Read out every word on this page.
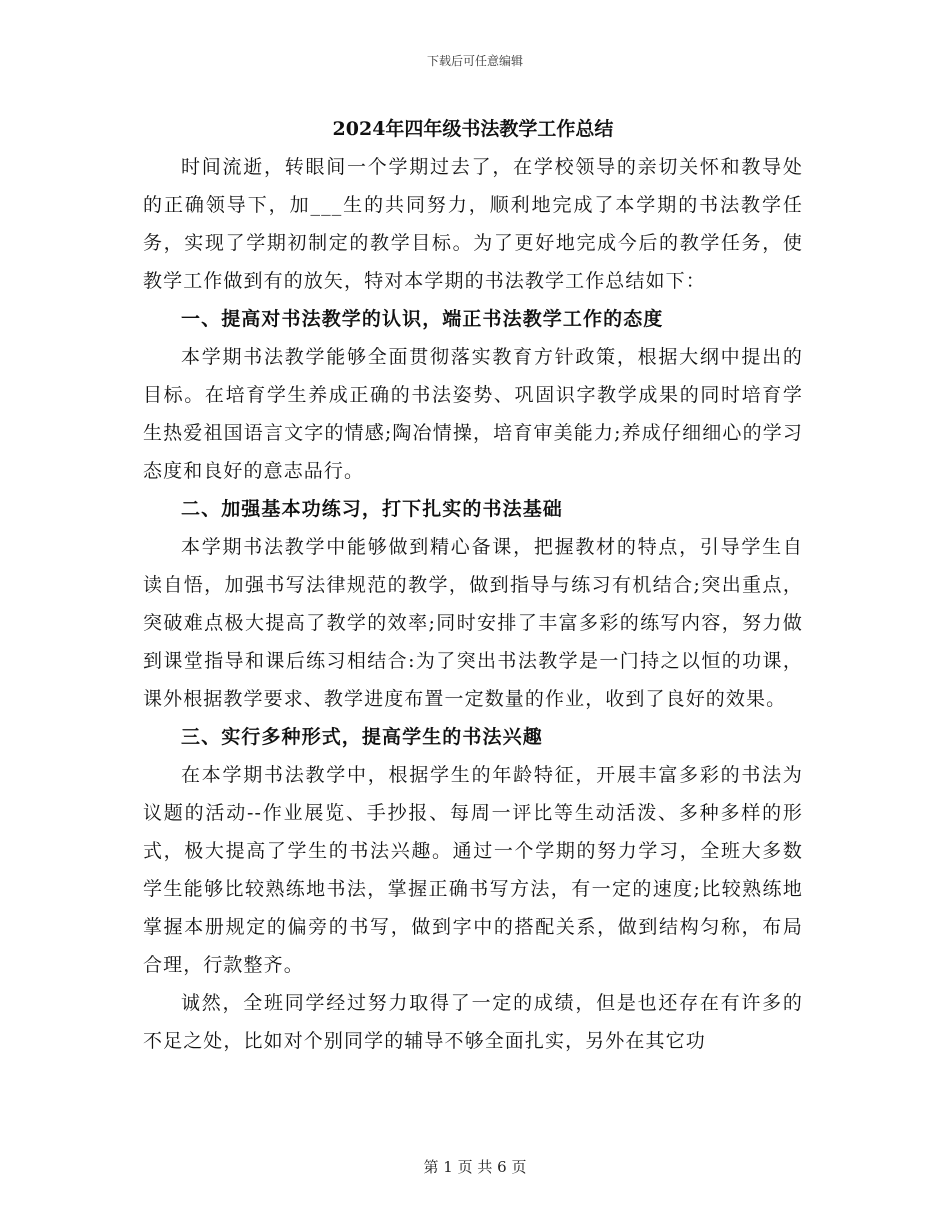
下载后可任意编辑

2024年四年级书法教学工作总结

时间流逝，转眼间一个学期过去了，在学校领导的亲切关怀和教导处的正确领导下，加___生的共同努力，顺利地完成了本学期的书法教学任务，实现了学期初制定的教学目标。为了更好地完成今后的教学任务，使教学工作做到有的放矢，特对本学期的书法教学工作总结如下：

一、提高对书法教学的认识，端正书法教学工作的态度

本学期书法教学能够全面贯彻落实教育方针政策，根据大纲中提出的目标。在培育学生养成正确的书法姿势、巩固识字教学成果的同时培育学生热爱祖国语言文字的情感;陶冶情操，培育审美能力;养成仔细细心的学习态度和良好的意志品行。

二、加强基本功练习，打下扎实的书法基础

本学期书法教学中能够做到精心备课，把握教材的特点，引导学生自读自悟，加强书写法律规范的教学，做到指导与练习有机结合;突出重点，突破难点极大提高了教学的效率;同时安排了丰富多彩的练写内容，努力做到课堂指导和课后练习相结合:为了突出书法教学是一门持之以恒的功课，课外根据教学要求、教学进度布置一定数量的作业，收到了良好的效果。

三、实行多种形式，提高学生的书法兴趣

在本学期书法教学中，根据学生的年龄特征，开展丰富多彩的书法为议题的活动--作业展览、手抄报、每周一评比等生动活泼、多种多样的形式，极大提高了学生的书法兴趣。通过一个学期的努力学习，全班大多数学生能够比较熟练地书法，掌握正确书写方法，有一定的速度;比较熟练地掌握本册规定的偏旁的书写，做到字中的搭配关系，做到结构匀称，布局合理，行款整齐。

诚然，全班同学经过努力取得了一定的成绩，但是也还存在有许多的不足之处，比如对个别同学的辅导不够全面扎实，另外在其它功

第 1 页 共 6 页
